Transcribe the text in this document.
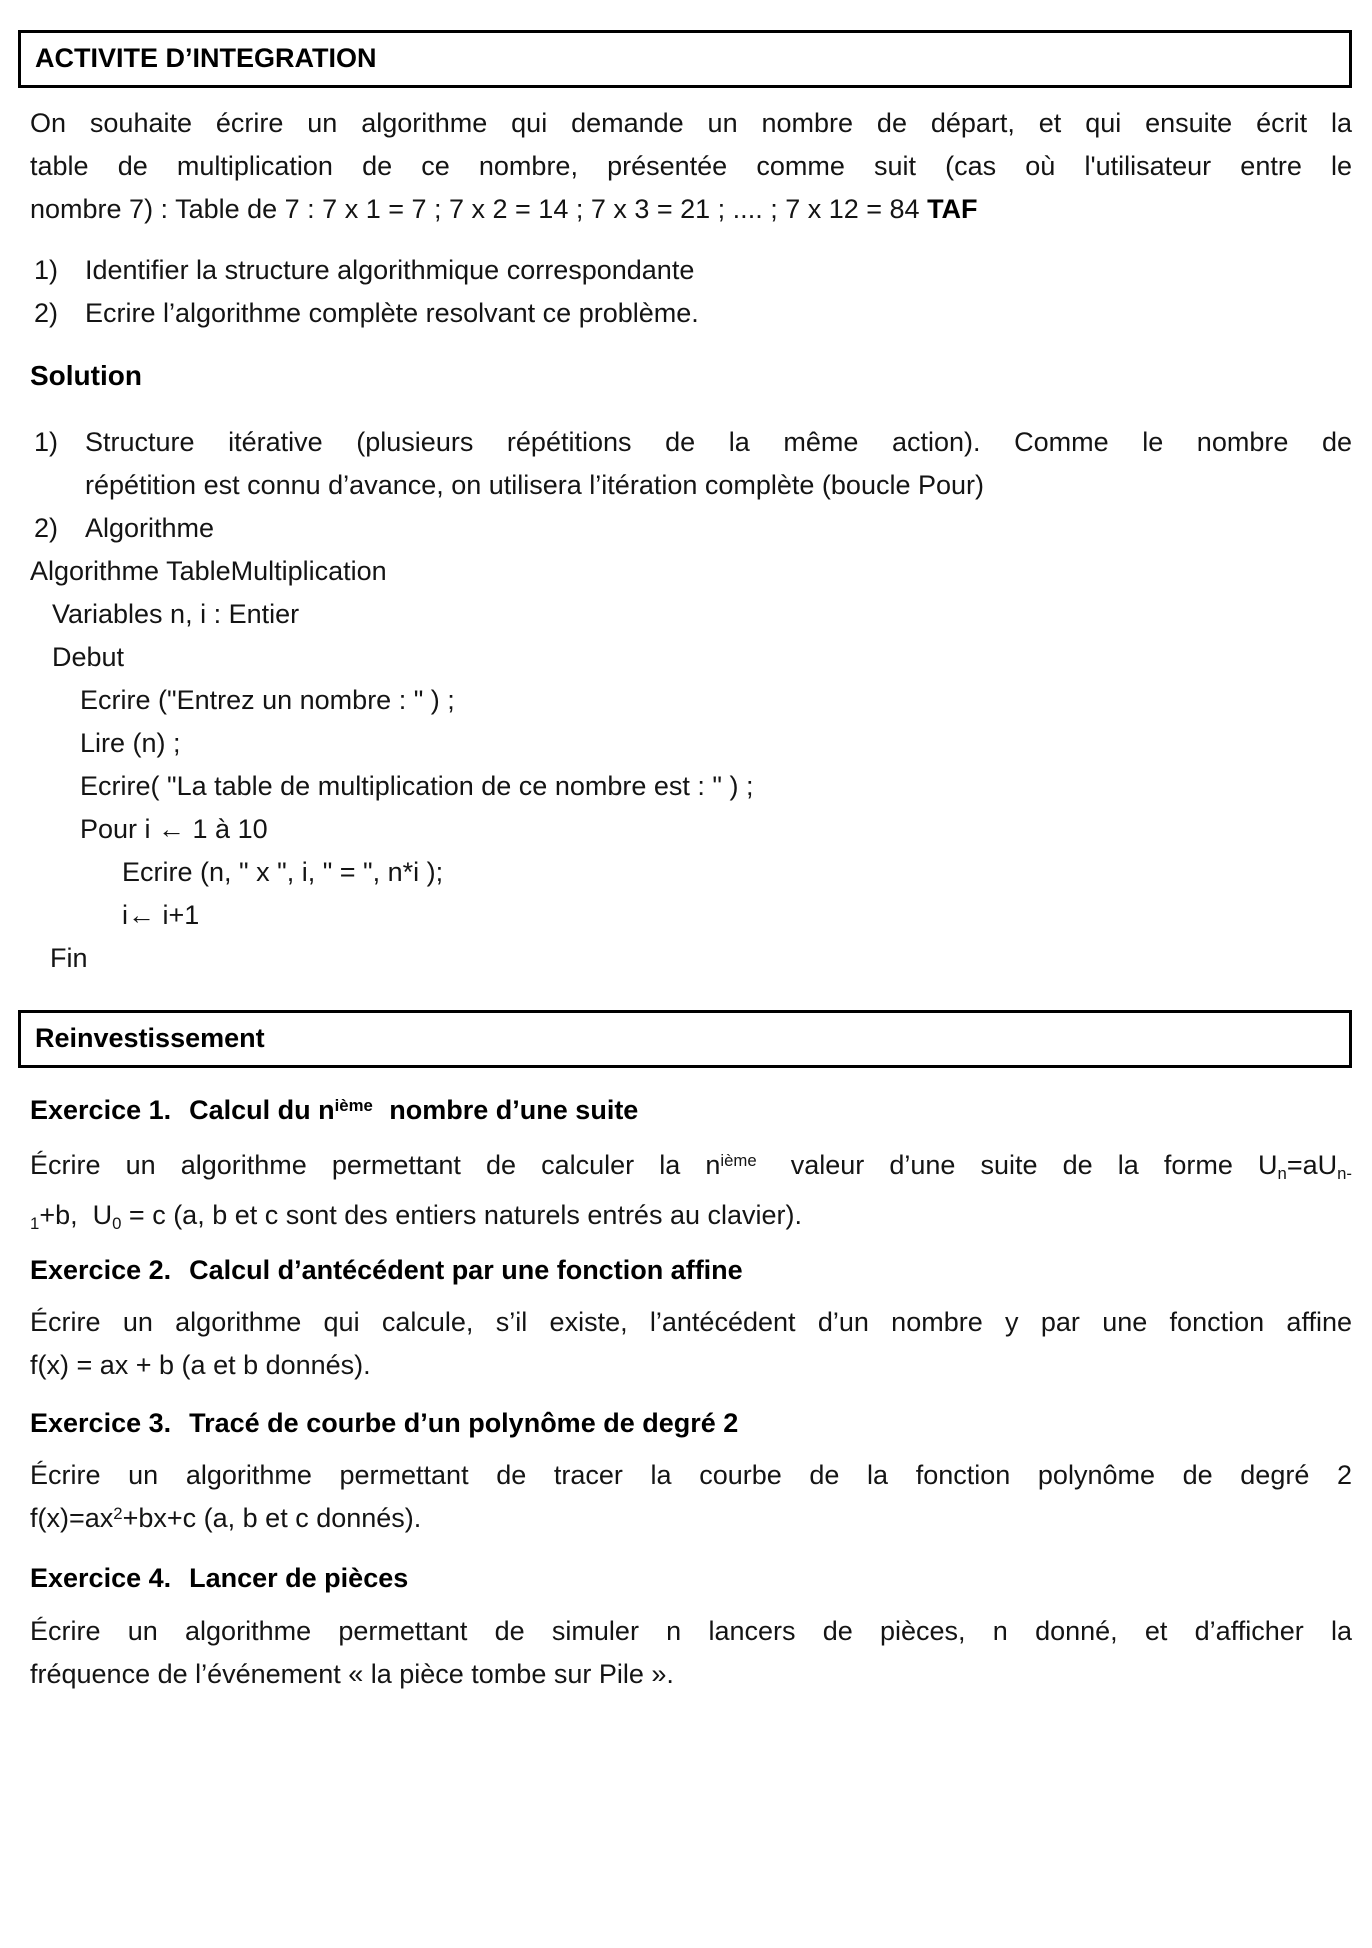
ACTIVITE D’INTEGRATION
On souhaite écrire un algorithme qui demande un nombre de départ, et qui ensuite écrit la
table de multiplication de ce nombre, présentée comme suit (cas où l'utilisateur entre le
nombre 7) : Table de 7 : 7 x 1 = 7 ; 7 x 2 = 14 ; 7 x 3 = 21 ; .... ; 7 x 12 = 84 TAF
1) Identifier la structure algorithmique correspondante
2) Ecrire l’algorithme complète resolvant ce problème.
Solution
1) Structure itérative (plusieurs répétitions de la même action). Comme le nombre de
répétition est connu d’avance, on utilisera l’itération complète (boucle Pour)
2) Algorithme
Algorithme TableMultiplication
Variables n, i : Entier
Debut
Ecrire ("Entrez un nombre : " ) ;
Lire (n) ;
Ecrire( "La table de multiplication de ce nombre est : " ) ;
Pour i ← 1 à 10
Ecrire (n, " x ", i, " = ", n*i );
i← i+1
Fin
Reinvestissement
Exercice 1. Calcul du $n^{ième}$ nombre d’une suite
Écrire un algorithme permettant de calculer la $n^{ième}$ valeur d’une suite de la forme $U_n=aU_{n-}$
$_1$+b,  $U_0 = c$ (a, b et c sont des entiers naturels entrés au clavier).
Exercice 2. Calcul d’antécédent par une fonction affine
Écrire un algorithme qui calcule, s’il existe, l’antécédent d’un nombre y par une fonction affine
f(x) = ax + b (a et b donnés).
Exercice 3. Tracé de courbe d’un polynôme de degré 2
Écrire un algorithme permettant de tracer la courbe de la fonction polynôme de degré 2
$f(x)=ax^2+bx+c$ (a, b et c donnés).
Exercice 4. Lancer de pièces
Écrire un algorithme permettant de simuler n lancers de pièces, n donné, et d’afficher la
fréquence de l’événement « la pièce tombe sur Pile ».
